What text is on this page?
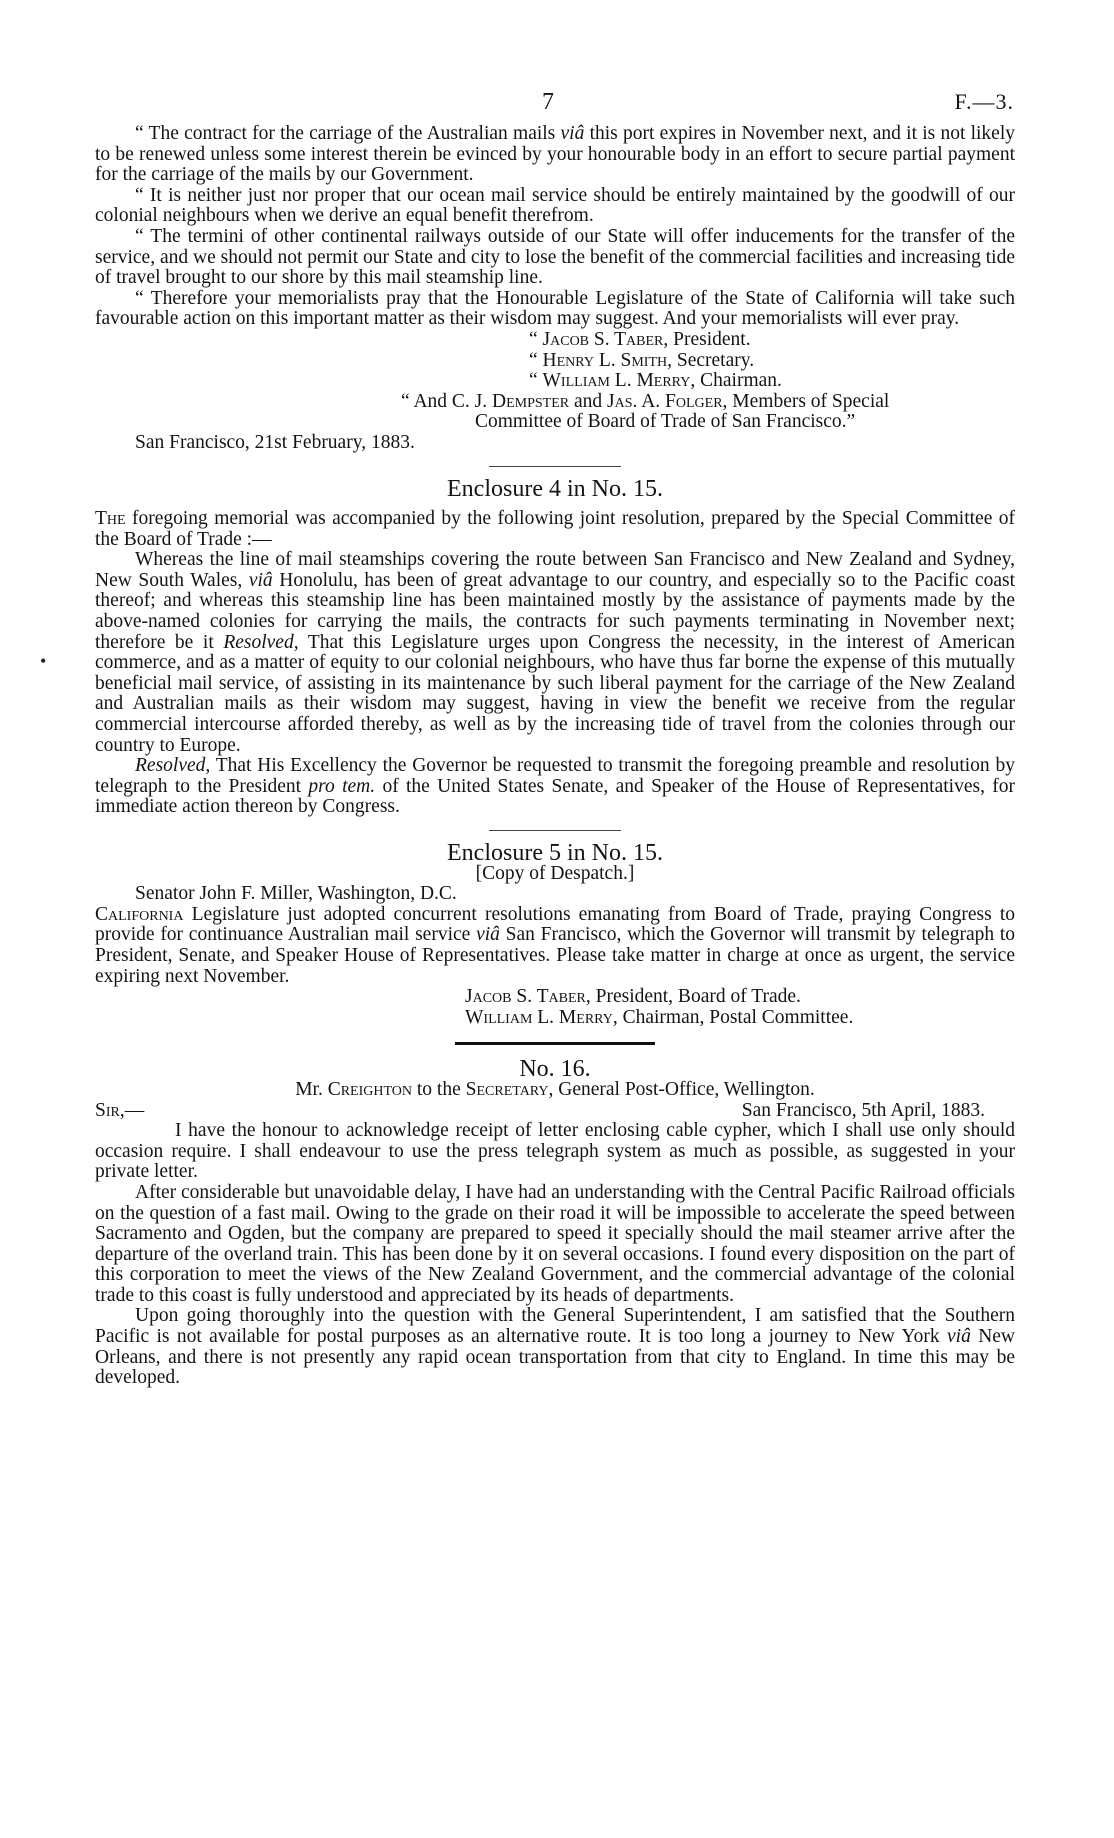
7	F.—3.
•

“ The contract for the carriage of the Australian mails viâ this port expires in November next, and it is not likely to be renewed unless some interest therein be evinced by your honourable body in an effort to secure partial payment for the carriage of the mails by our Government.

“ It is neither just nor proper that our ocean mail service should be entirely maintained by the goodwill of our colonial neighbours when we derive an equal benefit therefrom.

“ The termini of other continental railways outside of our State will offer inducements for the transfer of the service, and we should not permit our State and city to lose the benefit of the commercial facilities and increasing tide of travel brought to our shore by this mail steamship line.

“ Therefore your memorialists pray that the Honourable Legislature of the State of California will take such favourable action on this important matter as their wisdom may suggest. And your memorialists will ever pray.

“ Jacob S. Taber, President.

“ Henry L. Smith, Secretary.

“ William L. Merry, Chairman.

“ And C. J. Dempster and Jas. A. Folger, Members of Special

Committee of Board of Trade of San Francisco.”

San Francisco, 21st February, 1883.

Enclosure 4 in No. 15.

The foregoing memorial was accompanied by the following joint resolution, prepared by the Special Committee of the Board of Trade :—

Whereas the line of mail steamships covering the route between San Francisco and New Zealand and Sydney, New South Wales, viâ Honolulu, has been of great advantage to our country, and especially so to the Pacific coast thereof; and whereas this steamship line has been maintained mostly by the assistance of payments made by the above-named colonies for carrying the mails, the contracts for such payments terminating in November next; therefore be it Resolved, That this Legislature urges upon Congress the necessity, in the interest of American commerce, and as a matter of equity to our colonial neighbours, who have thus far borne the expense of this mutually beneficial mail service, of assisting in its maintenance by such liberal payment for the carriage of the New Zealand and Australian mails as their wisdom may suggest, having in view the benefit we receive from the regular commercial intercourse afforded thereby, as well as by the increasing tide of travel from the colonies through our country to Europe.

Resolved, That His Excellency the Governor be requested to transmit the foregoing preamble and resolution by telegraph to the President pro tem. of the United States Senate, and Speaker of the House of Representatives, for immediate action thereon by Congress.

Enclosure 5 in No. 15.

[Copy of Despatch.]

Senator John F. Miller, Washington, D.C.

California Legislature just adopted concurrent resolutions emanating from Board of Trade, praying Congress to provide for continuance Australian mail service viâ San Francisco, which the Governor will transmit by telegraph to President, Senate, and Speaker House of Representatives. Please take matter in charge at once as urgent, the service expiring next November.

Jacob S. Taber, President, Board of Trade.

William L. Merry, Chairman, Postal Committee.

No. 16.

Mr. Creighton to the Secretary, General Post-Office, Wellington.

Sir,—	San Francisco, 5th April, 1883.

I have the honour to acknowledge receipt of letter enclosing cable cypher, which I shall use only should occasion require. I shall endeavour to use the press telegraph system as much as possible, as suggested in your private letter.

After considerable but unavoidable delay, I have had an understanding with the Central Pacific Railroad officials on the question of a fast mail. Owing to the grade on their road it will be impossible to accelerate the speed between Sacramento and Ogden, but the company are prepared to speed it specially should the mail steamer arrive after the departure of the overland train. This has been done by it on several occasions. I found every disposition on the part of this corporation to meet the views of the New Zealand Government, and the commercial advantage of the colonial trade to this coast is fully understood and appreciated by its heads of departments.

Upon going thoroughly into the question with the General Superintendent, I am satisfied that the Southern Pacific is not available for postal purposes as an alternative route. It is too long a journey to New York viâ New Orleans, and there is not presently any rapid ocean transportation from that city to England. In time this may be developed.
